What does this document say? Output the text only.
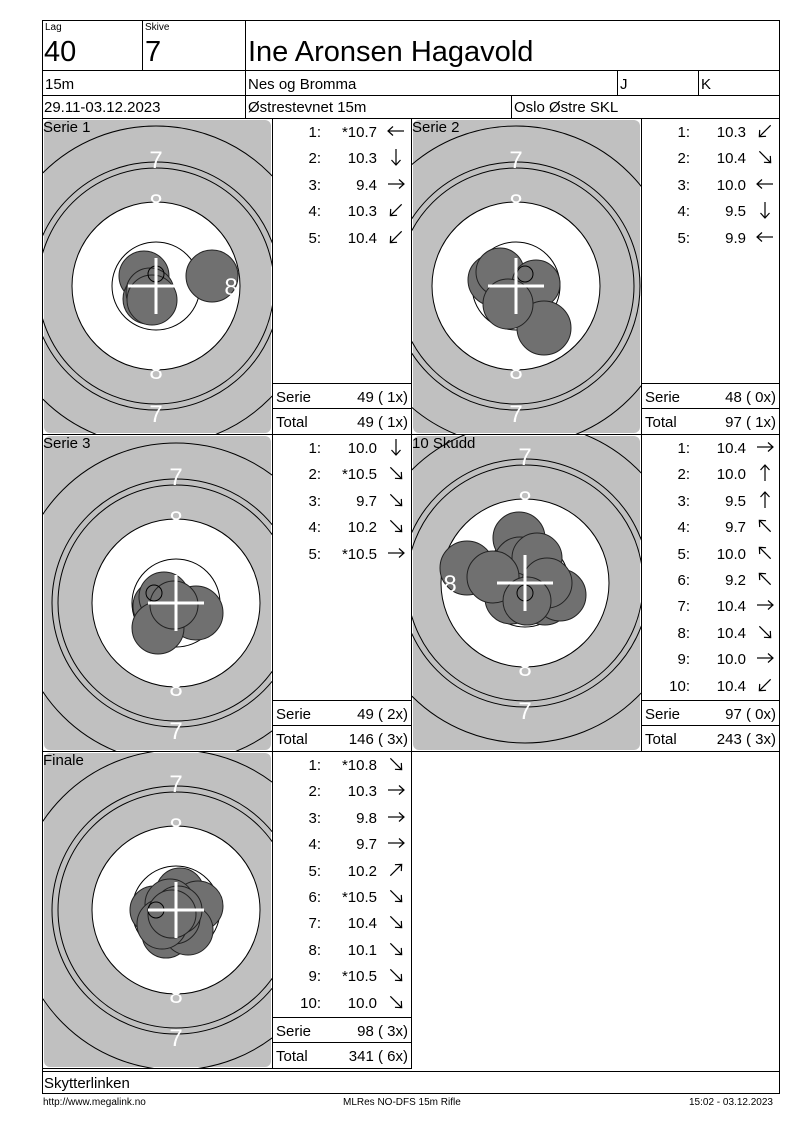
Lag
40
Skive
7	Ine Aronsen Hagavold
15m	Nes og Bromma	J	K
29.11-03.12.2023	Østrestevnet 15m	Oslo Østre SKL
7
8
8	8
8
7
Serie 1	1:	*10.7
2:	10.3
3:	9.4
4:	10.3
5:	10.4
Serie	49 ( 1x)
Total	49 ( 1x)
7
8
8	8
8
7
Serie 2	1:	10.3
2:	10.4
3:	10.0
4:	9.5
5:	9.9
Serie	48 ( 0x)
Total	97 ( 1x)
7
8
8	8
8
7
Serie 3	1:	10.0
2:	*10.5
3:	9.7
4:	10.2
5:	*10.5
Serie	49 ( 2x)
Total	146 ( 3x)
7
8
8	8
8
7
10 Skudd	1:	10.4
2:	10.0
3:	9.5
4:	9.7
5:	10.0
6:	9.2
7:	10.4
8:	10.4
9:	10.0
10:	10.4
Serie	97 ( 0x)
Total	243 ( 3x)
7
8
8	8
8
7
Finale	1:	*10.8
2:	10.3
3:	9.8
4:	9.7
5:	10.2
6:	*10.5
7:	10.4
8:	10.1
9:	*10.5
10:	10.0
Serie	98 ( 3x)
Total	341 ( 6x)
Skytterlinken
http://www.megalink.no	MLRes NO-DFS 15m Rifle	15:02 - 03.12.2023
